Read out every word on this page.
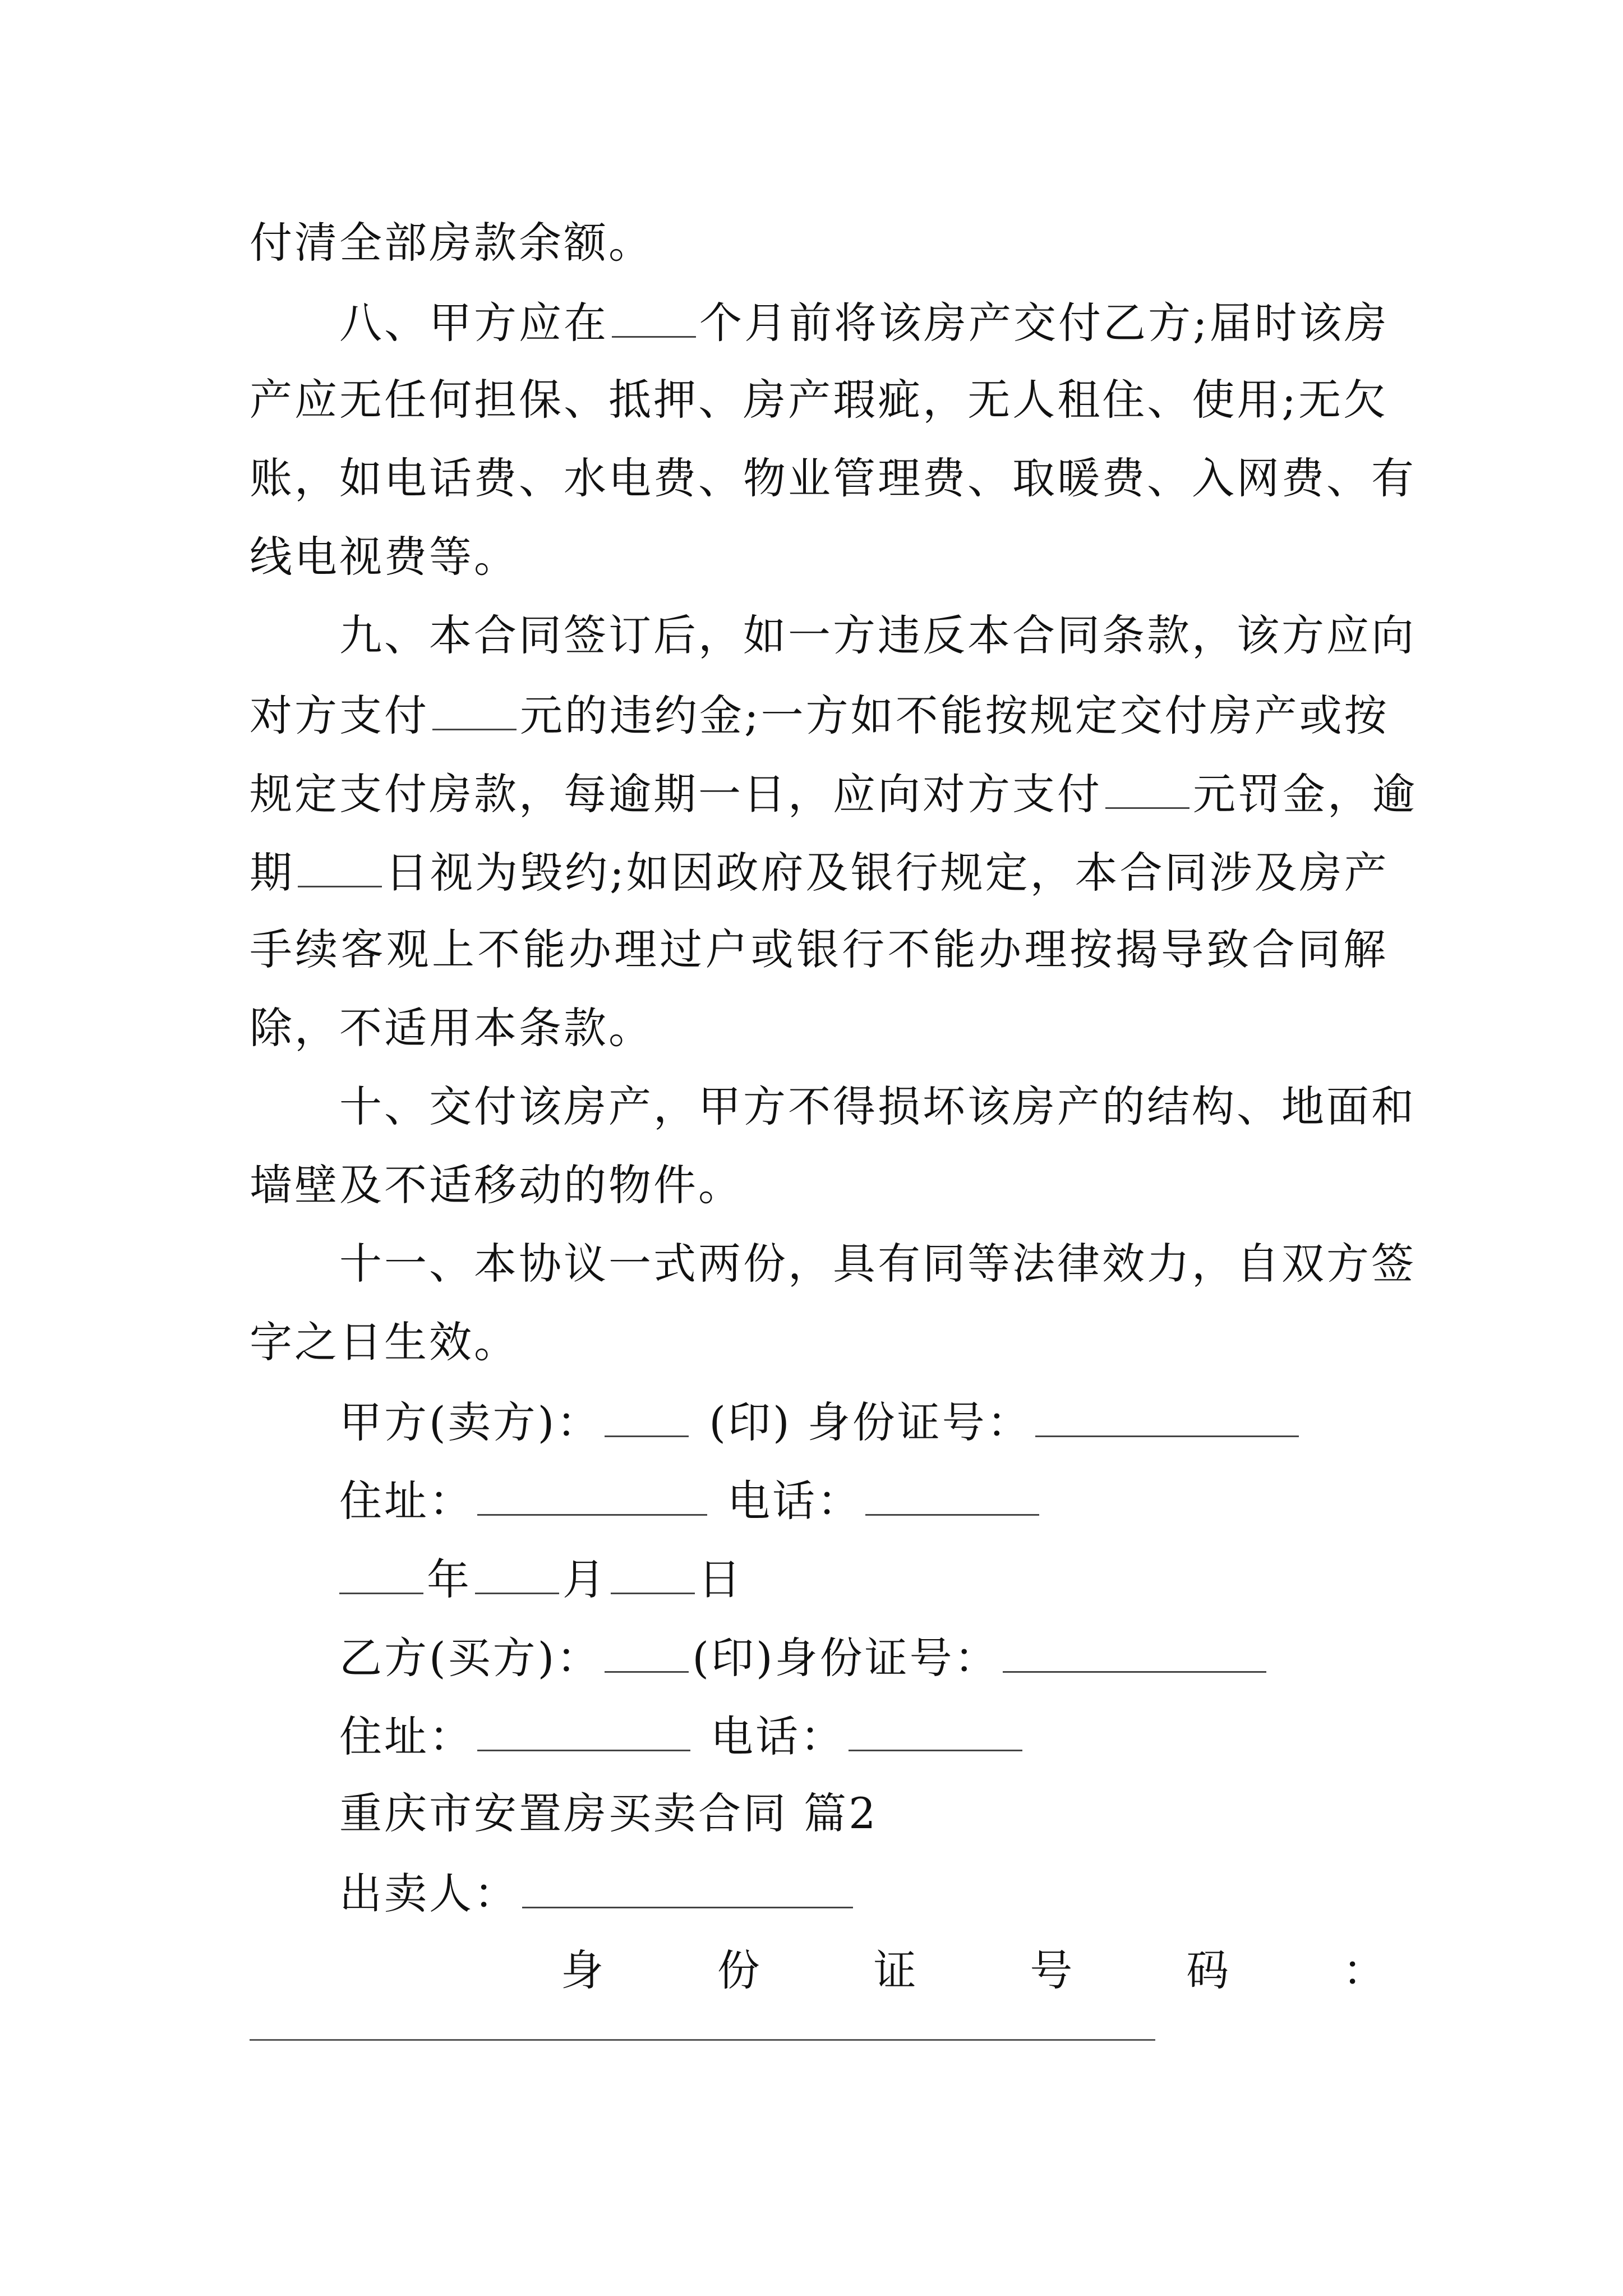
付清全部房款余额。
八、甲方应在 个月前将该房产交付乙方;届时该房
产应无任何担保、抵押、房产瑕疵，无人租住、使用;无欠
账，如电话费、水电费、物业管理费、取暖费、入网费、有
线电视费等。
九、本合同签订后，如一方违反本合同条款，该方应向
对方支付 元的违约金;一方如不能按规定交付房产或按
规定支付房款，每逾期一日，应向对方支付 元罚金，逾
期 日视为毁约;如因政府及银行规定，本合同涉及房产
手续客观上不能办理过户或银行不能办理按揭导致合同解
除，不适用本条款。
十、交付该房产，甲方不得损坏该房产的结构、地面和
墙壁及不适移动的物件。
十一、本协议一式两份，具有同等法律效力，自双方签
字之日生效。
甲方(卖方)：	(印) 身份证号：
住址：	电话：
年 月 日
乙方(买方)： (印)身份证号：
住址：	电话：
重庆市安置房买卖合同 篇2
出卖人：
身	份	证	号	码	：
